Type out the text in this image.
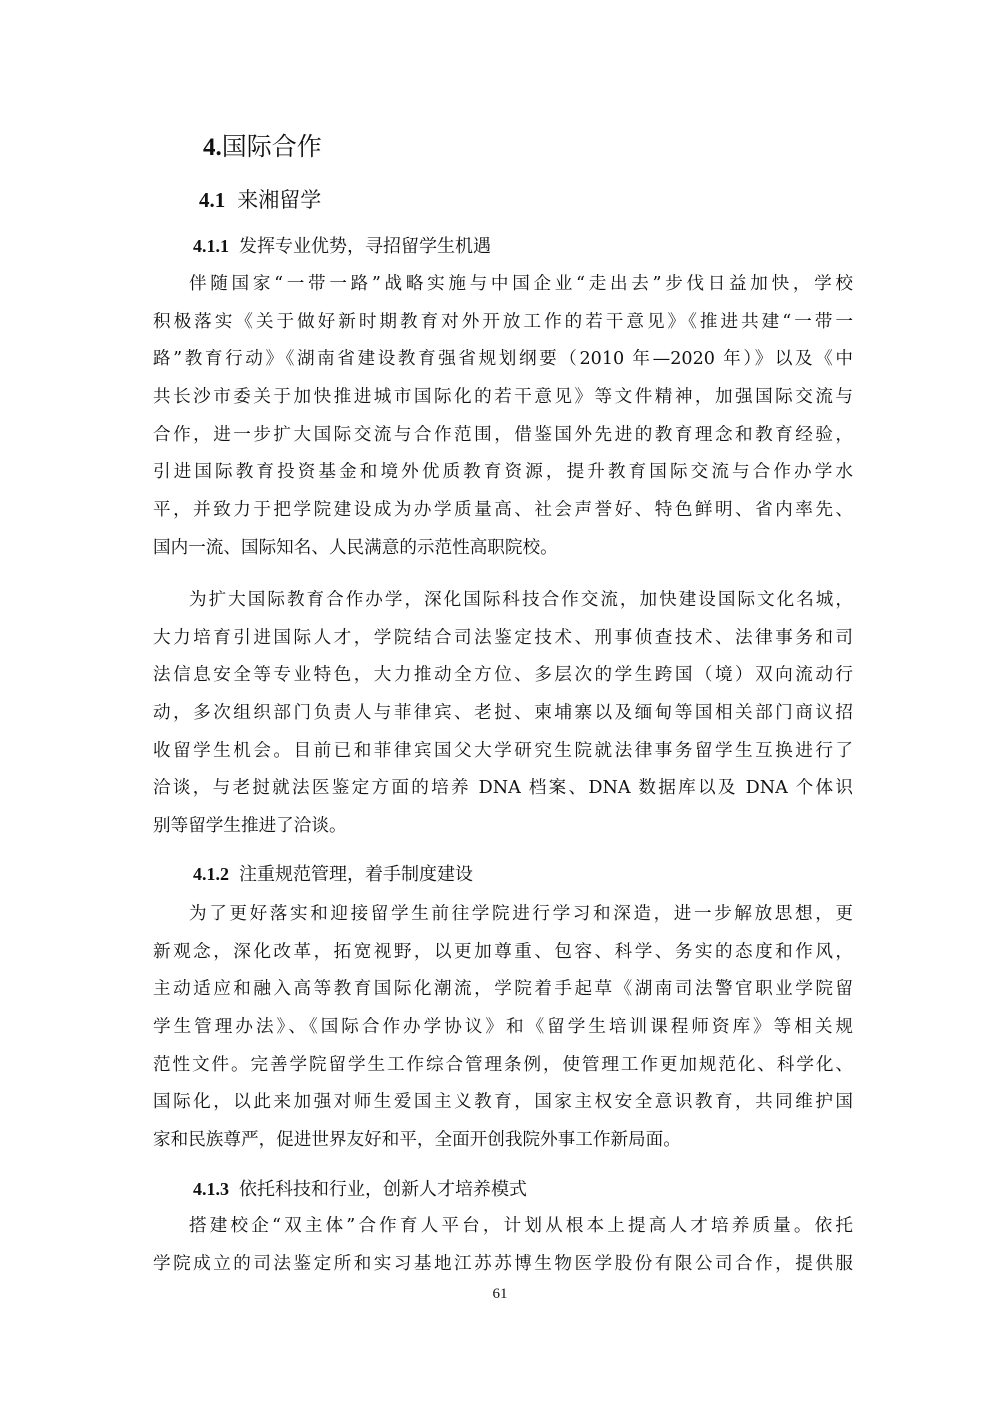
4.国际合作
4.1 来湘留学
4.1.1 发挥专业优势，寻招留学生机遇
伴随国家“一带一路”战略实施与中国企业“走出去”步伐日益加快，学校
积极落实《关于做好新时期教育对外开放工作的若干意见》《推进共建“一带一
路”教育行动》《湖南省建设教育强省规划纲要（2010 年—2020 年）》以及《中
共长沙市委关于加快推进城市国际化的若干意见》等文件精神，加强国际交流与
合作，进一步扩大国际交流与合作范围，借鉴国外先进的教育理念和教育经验，
引进国际教育投资基金和境外优质教育资源，提升教育国际交流与合作办学水
平，并致力于把学院建设成为办学质量高、社会声誉好、特色鲜明、省内率先、
国内一流、国际知名、人民满意的示范性高职院校。
为扩大国际教育合作办学，深化国际科技合作交流，加快建设国际文化名城，
大力培育引进国际人才，学院结合司法鉴定技术、刑事侦查技术、法律事务和司
法信息安全等专业特色，大力推动全方位、多层次的学生跨国（境）双向流动行
动，多次组织部门负责人与菲律宾、老挝、柬埔寨以及缅甸等国相关部门商议招
收留学生机会。目前已和菲律宾国父大学研究生院就法律事务留学生互换进行了
洽谈，与老挝就法医鉴定方面的培养 DNA 档案、DNA 数据库以及 DNA 个体识
别等留学生推进了洽谈。
4.1.2 注重规范管理，着手制度建设
为了更好落实和迎接留学生前往学院进行学习和深造，进一步解放思想，更
新观念，深化改革，拓宽视野，以更加尊重、包容、科学、务实的态度和作风，
主动适应和融入高等教育国际化潮流，学院着手起草《湖南司法警官职业学院留
学生管理办法》、《国际合作办学协议》和《留学生培训课程师资库》等相关规
范性文件。完善学院留学生工作综合管理条例，使管理工作更加规范化、科学化、
国际化，以此来加强对师生爱国主义教育，国家主权安全意识教育，共同维护国
家和民族尊严，促进世界友好和平，全面开创我院外事工作新局面。
4.1.3 依托科技和行业，创新人才培养模式
搭建校企“双主体”合作育人平台，计划从根本上提高人才培养质量。依托
学院成立的司法鉴定所和实习基地江苏苏博生物医学股份有限公司合作，提供服
61
